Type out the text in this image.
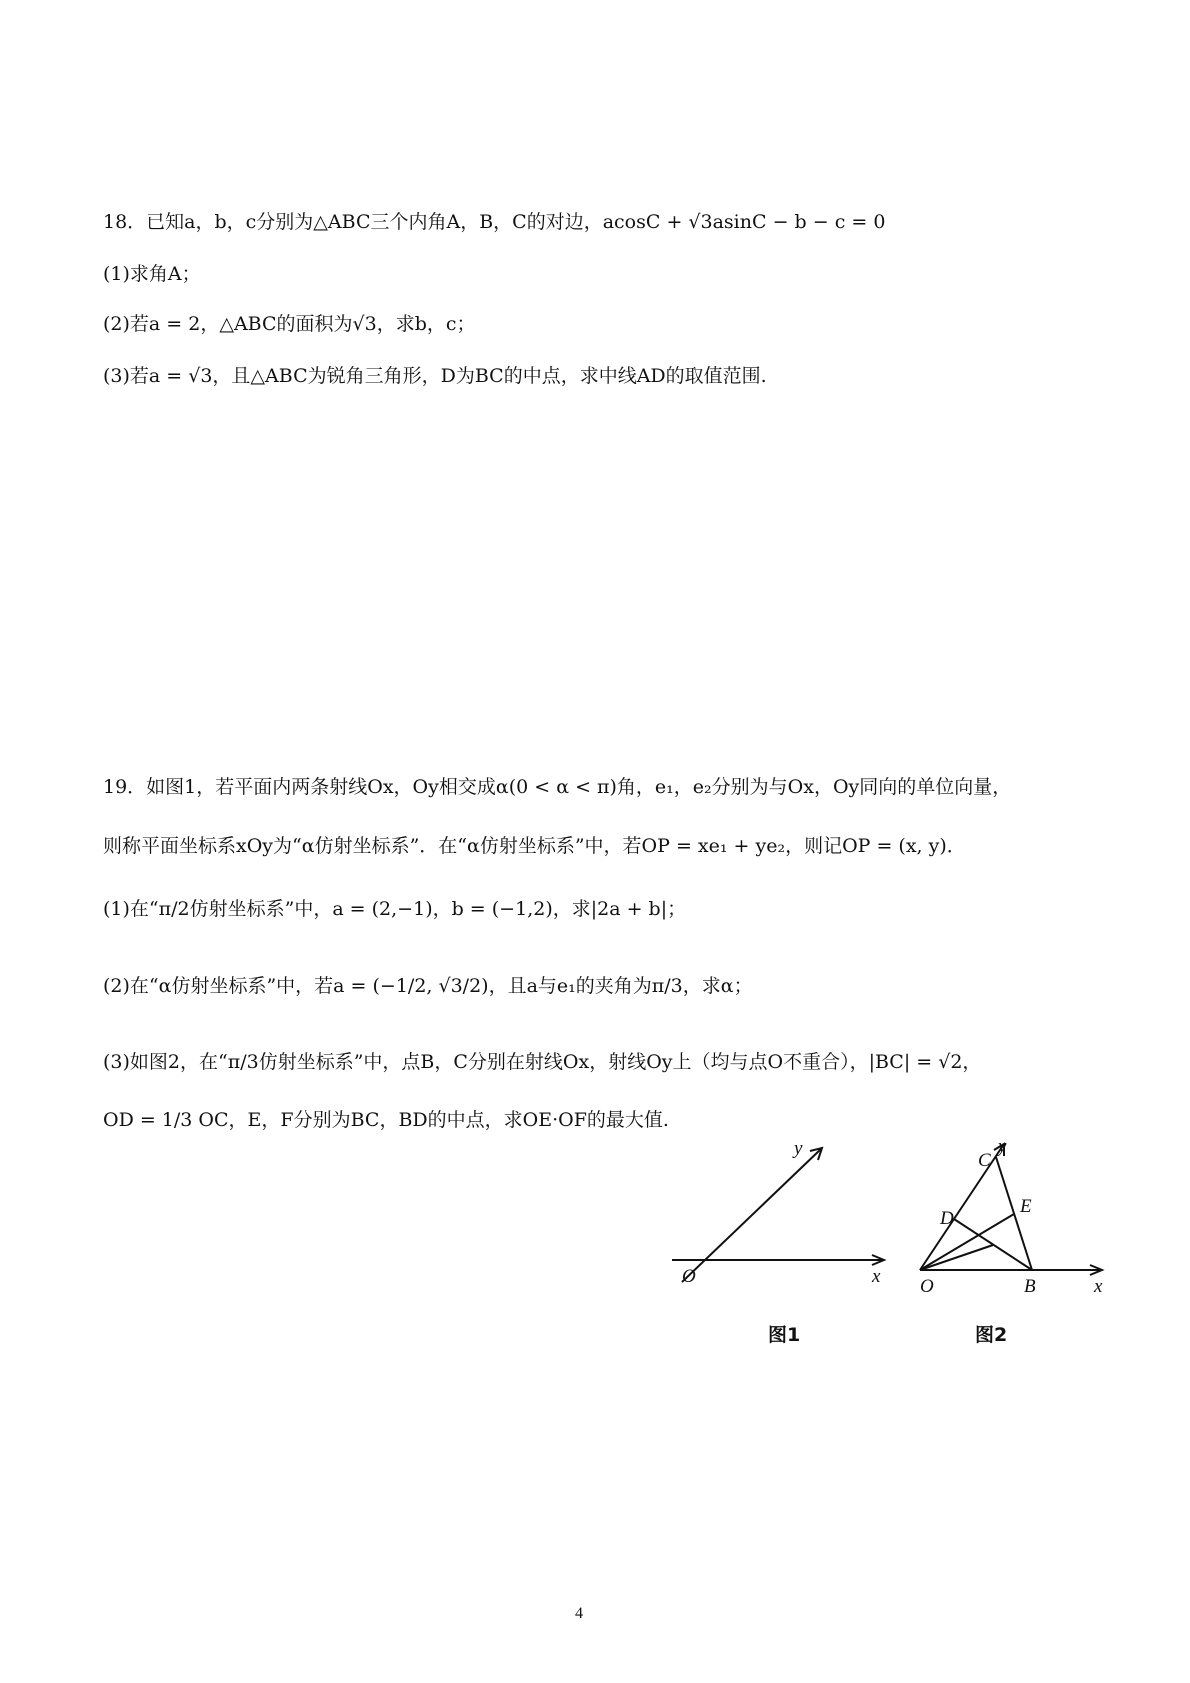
18．已知a，b，c分别为△ABC三个内角A，B，C的对边，acosC + √3asinC − b − c = 0
(1)求角A；
(2)若a = 2，△ABC的面积为√3，求b，c；
(3)若a = √3，且△ABC为锐角三角形，D为BC的中点，求中线AD的取值范围.
19．如图1，若平面内两条射线Ox，Oy相交成α(0 < α < π)角，e₁，e₂分别为与Ox，Oy同向的单位向量，
则称平面坐标系xOy为“α仿射坐标系”．在“α仿射坐标系”中，若OP = xe₁ + ye₂，则记OP = (x, y)．
(1)在“π/2仿射坐标系”中，a = (2,−1)，b = (−1,2)，求|2a + b|；
(2)在“α仿射坐标系”中，若a = (−1/2, √3/2)，且a与e₁的夹角为π/3，求α；
(3)如图2，在“π/3仿射坐标系”中，点B，C分别在射线Ox，射线Oy上（均与点O不重合），|BC| = √2，
OD = 1/3 OC，E，F分别为BC，BD的中点，求OE·OF的最大值.
y
x
O
y
C
E
D
O	B	x
图1	图2
4
